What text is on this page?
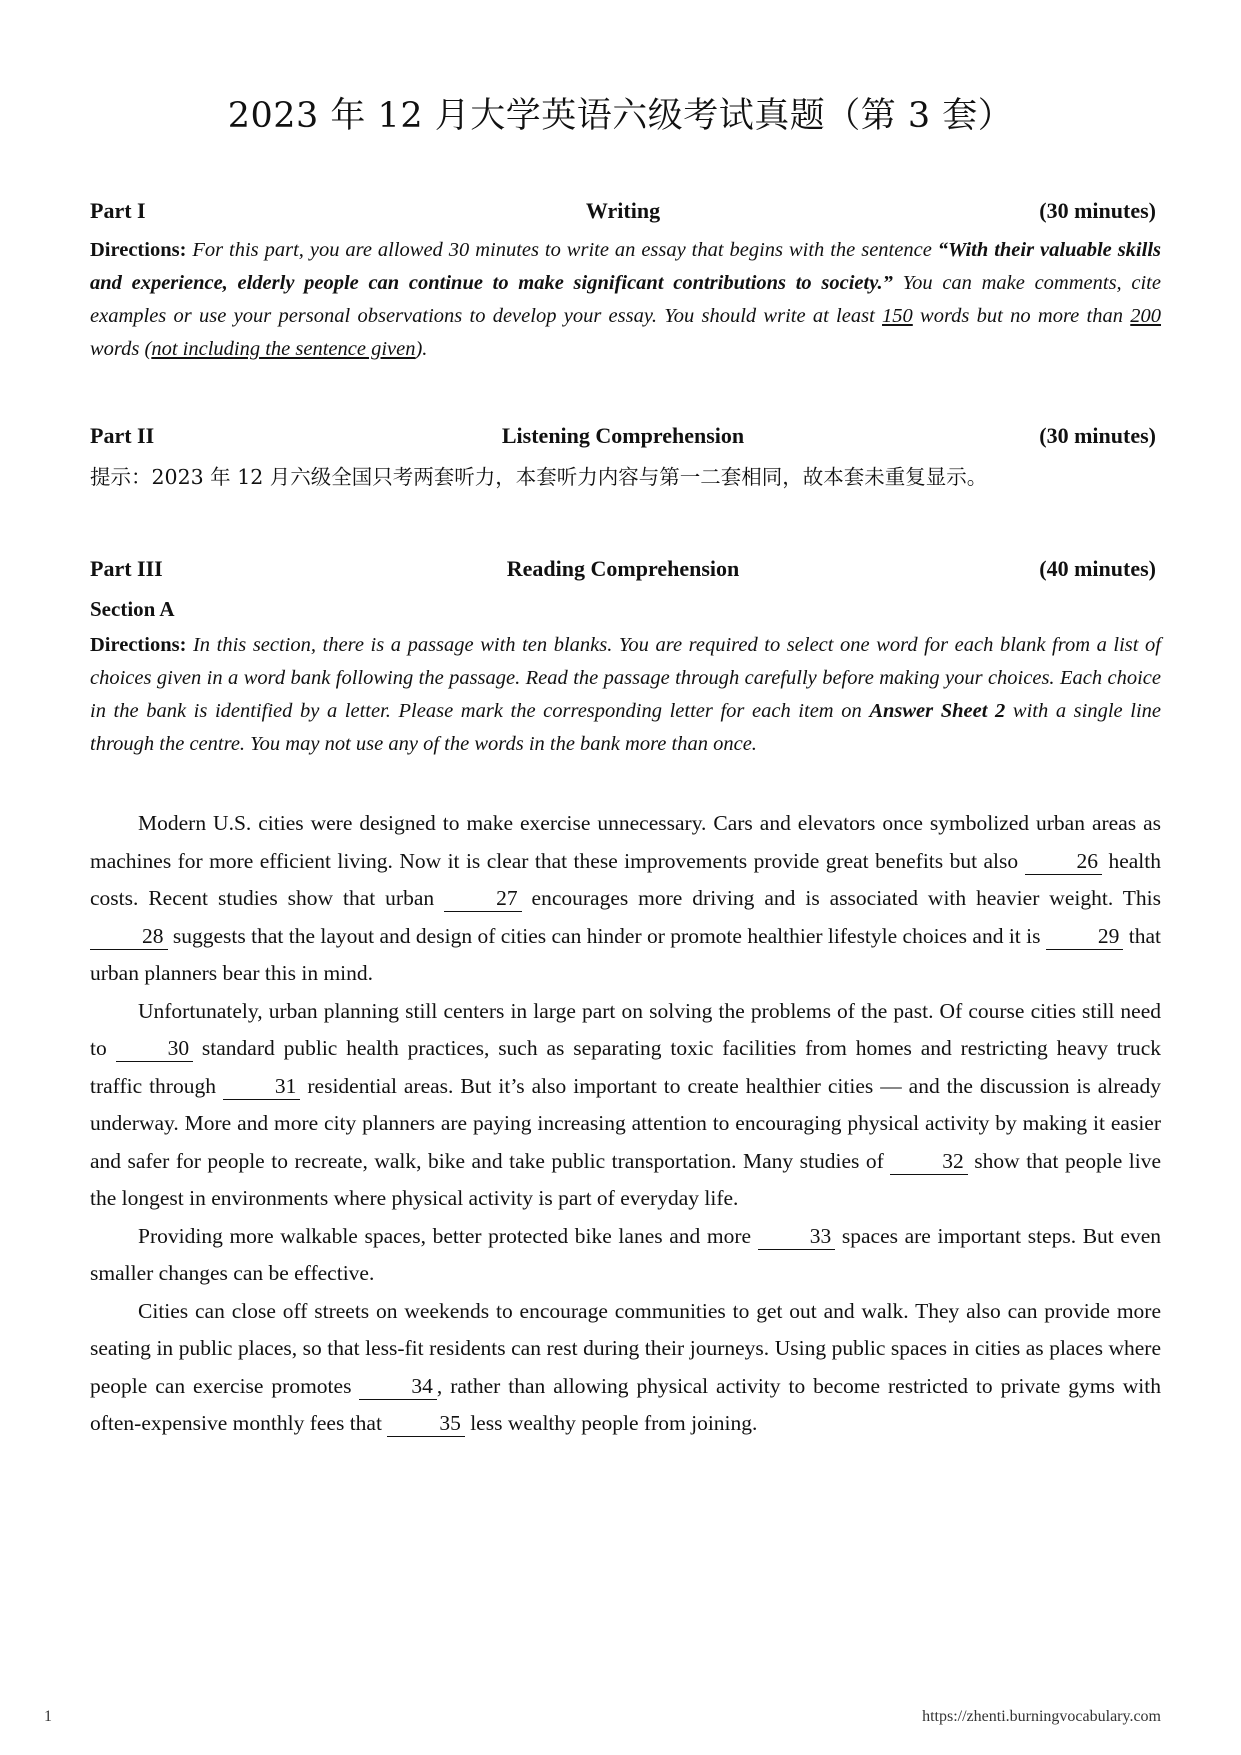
2023 年 12 月大学英语六级考试真题（第 3 套）
Part I	Writing	(30 minutes)
Directions: For this part, you are allowed 30 minutes to write an essay that begins with the sentence “With their valuable skills and experience, elderly people can continue to make significant contributions to society.” You can make comments, cite examples or use your personal observations to develop your essay. You should write at least 150 words but no more than 200 words (not including the sentence given).
Part II	Listening Comprehension	(30 minutes)
提示：2023 年 12 月六级全国只考两套听力，本套听力内容与第一二套相同，故本套未重复显示。
Part III	Reading Comprehension	(40 minutes)
Section A
Directions: In this section, there is a passage with ten blanks. You are required to select one word for each blank from a list of choices given in a word bank following the passage. Read the passage through carefully before making your choices. Each choice in the bank is identified by a letter. Please mark the corresponding letter for each item on Answer Sheet 2 with a single line through the centre. You may not use any of the words in the bank more than once.

Modern U.S. cities were designed to make exercise unnecessary. Cars and elevators once symbolized urban areas as machines for more efficient living. Now it is clear that these improvements provide great benefits but also 26 health costs. Recent studies show that urban 27 encourages more driving and is associated with heavier weight. This 28 suggests that the layout and design of cities can hinder or promote healthier lifestyle choices and it is 29 that urban planners bear this in mind.

Unfortunately, urban planning still centers in large part on solving the problems of the past. Of course cities still need to 30 standard public health practices, such as separating toxic facilities from homes and restricting heavy truck traffic through 31 residential areas. But it’s also important to create healthier cities — and the discussion is already underway. More and more city planners are paying increasing attention to encouraging physical activity by making it easier and safer for people to recreate, walk, bike and take public transportation. Many studies of 32 show that people live the longest in environments where physical activity is part of everyday life.

Providing more walkable spaces, better protected bike lanes and more 33 spaces are important steps. But even smaller changes can be effective.

Cities can close off streets on weekends to encourage communities to get out and walk. They also can provide more seating in public places, so that less-fit residents can rest during their journeys. Using public spaces in cities as places where people can exercise promotes 34 , rather than allowing physical activity to become restricted to private gyms with often-expensive monthly fees that 35 less wealthy people from joining.

1	https://zhenti.burningvocabulary.com
